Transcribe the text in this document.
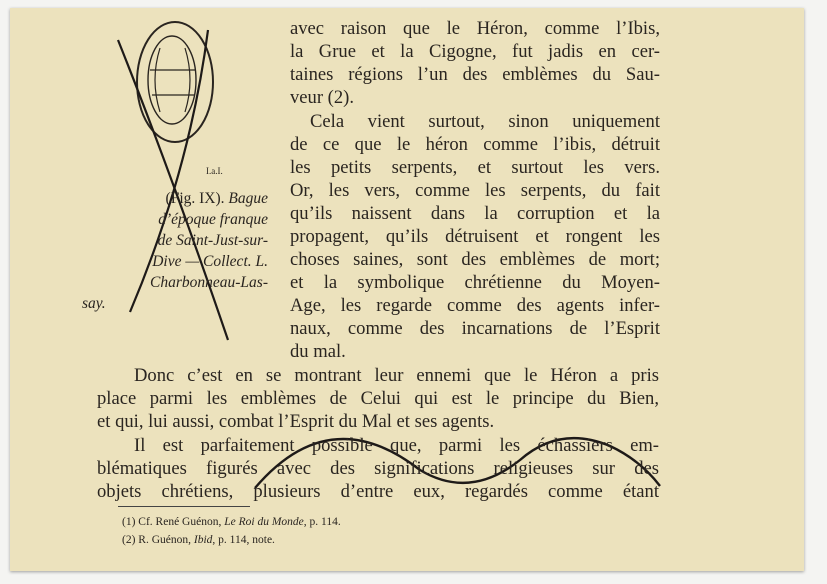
I.a.I.
avec raison que le Héron, comme l’Ibis,
la Grue et la Cigogne, fut jadis en cer-
taines régions l’un des emblèmes du Sau-
veur (2).
Cela vient surtout, sinon uniquement
de ce que le héron comme l’ibis, détruit
les petits serpents, et surtout les vers.
Or, les vers, comme les serpents, du fait
qu’ils naissent dans la corruption et la
propagent, qu’ils détruisent et rongent les
choses saines, sont des emblèmes de mort;
et la symbolique chrétienne du Moyen-
Age, les regarde comme des agents infer-
naux, comme des incarnations de l’Esprit
du mal.
Donc c’est en se montrant leur ennemi que le Héron a pris
place parmi les emblèmes de Celui qui est le principe du Bien,
et qui, lui aussi, combat l’Esprit du Mal et ses agents.
Il est parfaitement possible que, parmi les échassiers em-
blématiques figurés avec des significations religieuses sur des
objets chrétiens, plusieurs d’entre eux, regardés comme étant
(Fig. IX). Bague
d’époque franque
de Saint-Just-sur-
Dive — Collect. L.
Charbonneau-Las-
say.
(1) Cf. René Guénon, Le Roi du Monde, p. 114.
(2) R. Guénon, Ibid, p. 114, note.
